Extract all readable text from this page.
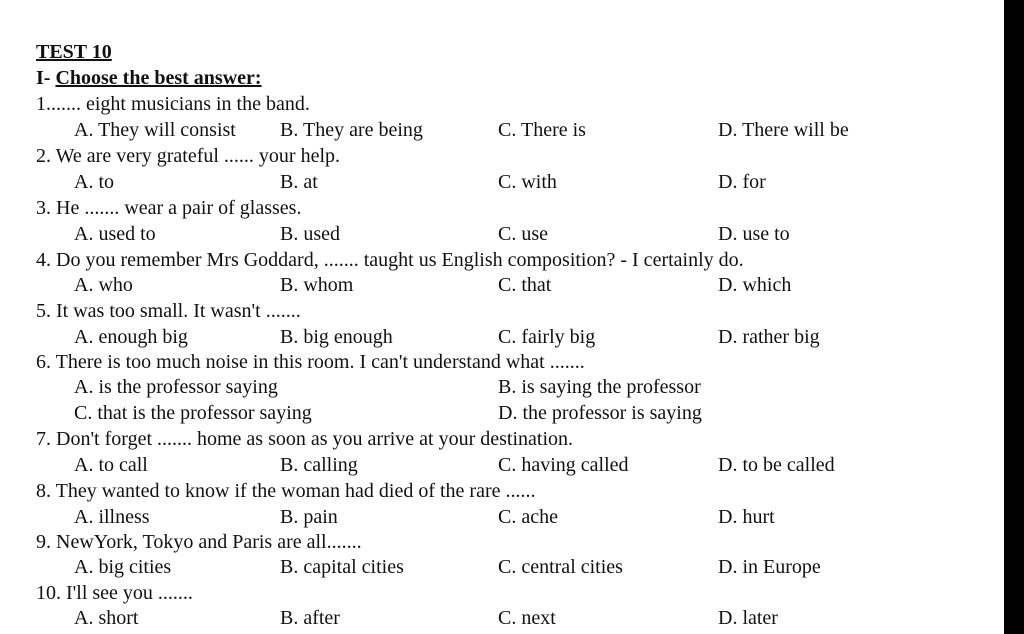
TEST 10
I- Choose the best answer:
1....... eight musicians in the band.
A. They will consist B. They are being	C. There is	D. There will be
2. We are very grateful ...... your help.
A. to	B. at	C. with	D. for
3. He ....... wear a pair of glasses.
A. used to	B. used	C. use	D. use to
4. Do you remember Mrs Goddard, ....... taught us English composition? - I certainly do.
A. who	B. whom	C. that	D. which
5. It was too small. It wasn't .......
A. enough big	B. big enough	C. fairly big	D. rather big
6. There is too much noise in this room. I can't understand what .......
A. is the professor saying	B. is saying the professor
C. that is the professor saying	D. the professor is saying
7. Don't forget ....... home as soon as you arrive at your destination.
A. to call	B. calling	C. having called	D. to be called
8. They wanted to know if the woman had died of the rare ......
A. illness	B. pain	C. ache	D. hurt
9. NewYork, Tokyo and Paris are all.......
A. big cities	B. capital cities	C. central cities	D. in Europe
10. I'll see you .......
A. short	B. after	C. next	D. later
